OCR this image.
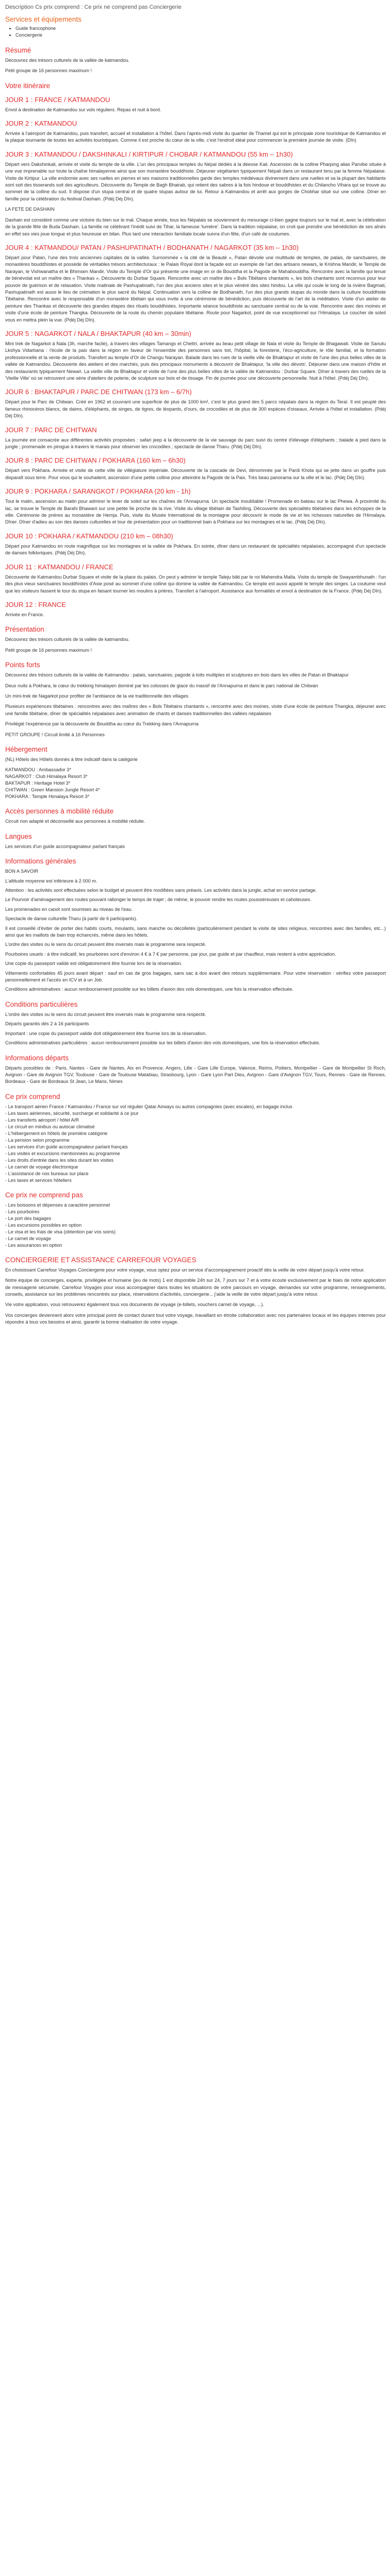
Description Cs prix comprend : Ce prix ne comprend pas Conciergerie
Services et équipements
• Guide francophone
• Conciergerie
Résumé

Découvrez des trésors culturels de la vallée de katmandou.

Petit groupe de 16 personnes maximum !

Votre itinéraire
JOUR 1 : FRANCE / KATMANDOU

Envol à destination de Katmandou sur vols réguliers. Repas et nuit à bord.

JOUR 2 : KATMANDOU

Arrivée à l'aéroport de Katmandou, puis transfert, accueil et installation à l'hôtel. Dans l'après-midi visite du quartier de Thamel qui est le principale zone touristique de Katmandou et la plaque tournante de toutes les activités touristiques. Comme il est proche du cœur de la ville, c'est l'endroit idéal pour commencer la première journée de visite. (Dîn)

JOUR 3 : KATMANDOU / DAKSHINKALI / KIRTIPUR / CHOBAR / KATMANDOU (55 km – 1h30)

Départ vers Dakshinkali, arrivée et visite du temple de la ville. L'un des principaux temples du Népal dédiés à la déesse Kali. Ascension de la colline Pharping alias Parvibe située à une vue imprenable sur toute la chaîne himalayenne ainsi que son monastère bouddhiste. Déjeuner végétarien typiquement Népali dans un restaurant tenu par la femme Népalaise. Visite de Kirtipur. La ville endormie avec ses ruelles en pierres et ses maisons traditionnelles garde des temples médiévaux divinement dans une ruelles et sa la plupart des habitants sont soit des tisserands soit des agriculteurs. Découverte du Temple de Bagh Bhairab, qui retient des sabres à la fois hindoue et bouddhistes et du Chilancho Vihara qui se trouve au sommet de la colline du sud. Il dispose d'un stupa central et de quatre stupas autour de lui. Retour à Katmandou et arrêt aux gorges de Chobhar situé sur une colline. Dîner en famille pour la célébration du festival Dashain. (Pdéj Déj Dîn).

LA FETE DE DASHAIN

Dashain est considéré comme une victoire du bien sur le mal. Chaque année, tous les Népalais se souviennent du mesurage ci-bien gagne toujours sur le mal et, avec la célébration de la grande fête de Buda Dashain. La famille ne célébrant l'inédit suivi de Tihar, la fameuse 'lumière'. Dans la tradition népalaise, on croit que prendre une bénédiction de ses aînés en effet ses vies joue longue et plus heureuse en bilan. Plus tard une interaction familiale locale suivra d'un fête, d'un café de coutumes.

JOUR 4 : KATMANDOU/ PATAN / PASHUPATINATH / BODHANATH / NAGARKOT (35 km – 1h30)

Départ pour Patan, l'une des trois anciennes capitales de la vallée. Surnommée « la cité de la Beauté », Patan dévoile une multitude de temples, de palais, de sanctuaires, de monastères bouddhistes et possède de véritables trésors architecturaux : le Palais Royal dont la façade est un exemple de l'art des artisans newars, le Krishna Mandir, le Temple de Narayan, le Vishwanatha et le Bhimsen Mandir. Visite du Temple d'Or qui présente une image en or de Bouddha et la Pagode de Mahabouddha. Rencontre avec la famille qui tenue de bénévolat est un maître des « Thankas ». Découverte du Durbar Square. Rencontre avec un maître des « Bols Tibétains chantants », les bols chantants sont reconnus pour leur pouvoir de guérison et de relaxation. Visite matinale de Pashupatinath, l'un des plus anciens sites et le plus vénéré des sites hindou. La ville qui coule le long de la rivière Bagmati, Pashupatinath est aussi le lieu de crémation le plus sacré du Népal. Continuation vers la colline de Bodhanath, l'un des plus grands stupas du monde dans la culture bouddhiste Tibétaine. Rencontre avec le responsable d'un monastère tibétain qui vous invite à une cérémonie de bénédiction, puis découverte de l'art de la méditation. Visite d'un atelier de peinture des Thankas et découverte des grandes étapes des rituels bouddhistes. Importante séance bouddhiste au sanctuaire central ou de la voie. Rencontre avec des moines et visite d'une école de peinture Thangka. Découverte de la route du chemin populaire tibétaine. Route pour Nagarkot, point de vue exceptionnel sur l'Himalaya. Le coucher de soleil vous en mettra plein la vue. (Pdéj Déj Dîn).

JOUR 5 : NAGARKOT / NALA / BHAKTAPUR (40 km – 30min)

Mini trek de Nagarkot à Nala (3h, marche facile), à travers des villages Tamangs et Chettri, arrivée au beau petit village de Nala et visite du Temple de Bhagawati. Visite de Sanutu Lkshya Vidarbana : l'école de la paix dans la région en faveur de l'ensemble des personnes sans toit, l'hôpital, la foresterie, l'éco-agriculture, le rôle familial, et la formation professionnelle et la vente de produits. Transfert au temple d'Or de Changu Narayan. Balade dans les rues de la vieille ville de Bhaktapur et visite de l'une des plus belles villes de la vallée de Katmandou. Découverte des ateliers et des marchés, puis des principaux monuments à découvrir de Bhaktapur, 'la ville des dévots'. Déjeuner dans une maison d'hôte et des restaurants typiquement Newari. La vieille ville de Bhaktapur et visite de l'une des plus belles villes de la vallée de Katmandou : Durbar Square. Dîner à travers des ruelles de la 'Vieille Ville' où se retrouvent une série d'ateliers de poterie, de sculpture sur bois et de tissage. Fin de journée pour une découverte personnelle. Nuit à l'hôtel. (Pdéj Déj Dîn).

JOUR 6 : BHAKTAPUR / PARC DE CHITWAN (173 km – 6/7h)

Départ pour le Parc de Chitwan. Créé en 1962 et couvrant une superficie de plus de 1000 km², c'est le plus grand des 5 parcs népalais dans la région du Teraï. Il est peuplé des fameux rhinocéros blancs, de daims, d'éléphants, de singes, de tigres, de léopards, d'ours, de crocodiles et de plus de 300 espèces d'oiseaux. Arrivée à l'hôtel et installation. (Pdéj Déj Dîn).

JOUR 7 : PARC DE CHITWAN

La journée est consacrée aux différentes activités proposées : safari jeep à la découverte de la vie sauvage du parc suivi du centre d'élevage d'éléphants ; balade à pied dans la jungle ; promenade en pirogue à travers le marais pour observer les crocodiles ; spectacle de danse Tharu. (Pdéj Déj Dîn).

JOUR 8 : PARC DE CHITWAN / POKHARA (160 km – 6h30)

Départ vers Pokhara. Arrivée et visite de cette ville de villégiature impériale. Découverte de la cascade de Devi, dénommée par le Pardi Khola qui se jette dans un gouffre puis disparaît sous terre. Pour vous qui le souhaitent, ascension d'une petite colline pour atteindre la Pagode de la Paix. Très beau panorama sur la ville et le lac. (Pdéj Déj Dîn).

JOUR 9 : POKHARA / SARANGKOT / POKHARA (20 km - 1h)

Tout le matin, ascension au matin pour admirer le lever de soleil sur les chaînes de l'Annapurna. Un spectacle inoubliable ! Promenade en bateau sur le lac Phewa. À proximité du lac, se trouve le Temple de Barahi Bhawani sur une petite île proche de la rive. Visite du village tibétain de Tashiling. Découverte des spécialités tibétaines dans les échoppes de la ville. Cérémonie de prières au monastère de Hemja. Puis, visite du Musée International de la montagne pour découvrir le mode de vie et les richesses naturelles de l'Himalaya. Dîner. Dîner d'adieu au son des danses culturelles et tour de présentation pour un traditionnel bain à Pokhara sur les montagnes et le lac. (Pdéj Déj Dîn).

JOUR 10 : POKHARA / KATMANDOU (210 km – 08h30)

Départ pour Katmandou en route magnifique sur les montagnes et la vallée de Pokhara. En soirée, dîner dans un restaurant de spécialités népalaises, accompagné d'un spectacle de danses folkloriques. (Pdéj Déj Dîn).

JOUR 11 : KATMANDOU / FRANCE

Découverte de Katmandou Durbar Square et visite de la place du palais. On peut y admirer le temple Taleju bâti par le roi Mahendra Malla. Visite du temple de Swayambhunath : l'un des plus vieux sanctuaires bouddhistes d'Asie posé au sommet d'une colline qui domine la vallée de Katmandou. Ce temple est aussi appelé le temple des singes. La coutume veut que les visiteurs fassent le tour du stupa en faisant tourner les moulins à prières. Transfert à l'aéroport. Assistance aux formalités et envol à destination de la France. (Pdéj Déj Dîn).

JOUR 12 : FRANCE

Arrivée en France.

Présentation

Découvrez des trésors culturels de la vallée de katmandou.

Petit groupe de 16 personnes maximum !

Points forts

Découvrez des trésors culturels de la vallée de Katmandou : palais, sanctuaires, pagode à toits multiples et sculptures en bois dans les villes de Patan et Bhaktapur

Deux nuits à Pokhara, le cœur du trekking himalayen dominé par les colosses de glace du massif de l'Annapurna et dans le parc national de Chitwan

Un mini-trek de Nagarkot pour profiter de l'ambiance de la vie traditionnelle des villages

Plusieurs expériences tibétaines : rencontres avec des maîtres des « Bols Tibétains chantants », rencontre avec des moines, visite d'une école de peinture Thangka, déjeuner avec une famille tibétaine, dîner de spécialités népalaises avec animation de chants et danses traditionnelles des vallées népalaises

Privilégié l'expérience par la découverte de Bouddha au cœur du Trekking dans l'Annapurna

PETIT GROUPE ! Circuit limité à 16 Personnes

Hébergement

(NL) Hôtels des Hôtels donnés à titre indicatif dans la catégorie

KATMANDOU : Ambassador 3*

NAGARKOT : Club Himalaya Resort 3*

BAKTAPUR : Heritage Hotel 3*

CHITWAN : Green Mansion Jungle Resort 4*

POKHARA : Temple Himalaya Resort 3*

Accès personnes à mobilité réduite

Circuit non adapté et déconseillé aux personnes à mobilité réduite.

Langues

Les services d'un guide accompagnateur parlant français

Informations générales

BON A SAVOIR

L'altitude moyenne est inférieure à 2 000 m.

Attention : les activités sont effectuées selon le budget et peuvent être modifiées sans préavis. Les activités dans la jungle, achat en service partage.

Le Pourvoir d'aménagement des routes pouvant rallonger le temps de trajet ; de même, le pouvoir rendre les routes poussiéreuses et cahoteuses.

Les promenades en canot sont soumises au niveau de l'eau.

Spectacle de danse culturelle Tharu (à partir de 6 participants).

Il est conseillé d'éviter de porter des habits courts, moulants, sans manche ou décolletés (particulièrement pendant la visite de sites religieux, rencontres avec des familles, etc...) ainsi que les maillots de bain trop échancrés, même dans les hôtels.

L'ordre des visites ou le sens du circuit peuvent être inversés mais le programme sera respecté.

Pourboires usuels : à titre indicatif, les pourboires sont d'environ 4 € à 7 € par personne, par jour, par guide et par chauffeur, mais restent à votre appréciation.

Une copie du passeport valide est obligatoirement être fournie lors de la réservation.

Vêtements confortables 45 jours avant départ : sauf en cas de gros bagages, sans sac à dos avant des retours supplémentaire. Pour votre réservation : vérifiez votre passeport personnellement et l'accès en ICV et à un Job.

Conditions administratives : aucun remboursement possible sur les billets d'avion des vols domestiques, une fois la réservation effectuée.

Conditions particulières

L'ordre des visites ou le sens du circuit peuvent être inversés mais le programme sera respecté.

Départs garantis dès 2 à 16 participants

Important : une copie du passeport valide doit obligatoirement être fournie lors de la réservation.

Conditions administratives particulières : aucun remboursement possible sur les billets d'avion des vols domestiques, une fois la réservation effectuée.

Informations départs

Départs possibles de : Paris, Nantes - Gare de Nantes, Aix en Provence, Angers, Lille - Gare Lille Europe, Valence, Reims, Poitiers, Montpellier - Gare de Montpellier St Roch, Avignon - Gare de Avignon TGV, Toulouse - Gare de Toulouse Matabiau, Strasbourg, Lyon - Gare Lyon Part Dieu, Avignon - Gare d'Avignon TGV, Tours, Rennes - Gare de Rennes, Bordeaux - Gare de Bordeaux St Jean, Le Mans, Nimes

Ce prix comprend

- Le transport aérien France / Katmandou / France sur vol régulier Qatar Airways ou autres compagnies (avec escales), en bagage inclus

- Les taxes aériennes, sécurité, surcharge et solidarité à ce jour

- Les transferts aéroport / hôtel A/R

- Le circuit en minibus ou autocar climatisé

- L'hébergement en hôtels de première catégorie

- La pension selon programme

- Les services d'un guide accompagnateur parlant français

- Les visites et excursions mentionnées au programme

- Les droits d'entrée dans les sites durant les visites

- Le carnet de voyage électronique

- L'assistance de nos bureaux sur place

- Les taxes et services hôteliers

Ce prix ne comprend pas

- Les boissons et dépenses à caractère personnel

- Les pourboires

- Le port des bagages

- Les excursions possibles en option

- Le visa et les frais de visa (obtention par vos soins)

- Le carnet de voyage

- Les assurances en option

CONCIERGERIE ET ASSISTANCE CARREFOUR VOYAGES

En choisissant Carrefour Voyages Conciergerie pour votre voyage, vous optez pour un service d'accompagnement proactif dès la veille de votre départ jusqu'à votre retour.

Notre équipe de concierges, experte, privilégiée et humaine (jeu de mots) 1 est disponible 24h sur 24, 7 jours sur 7 et à votre écoute exclusivement par le biais de notre application de messagerie sécurisée. Carrefour Voyages pour vous accompagner dans toutes les situations de votre parcours en voyage, demandes sur votre programme, renseignements, conseils, assistance sur les problèmes rencontrés sur place, réservations d'activités, conciergerie... j'aide la veille de votre départ jusqu'à votre retour.

Vie votre application, vous retrouverez également tous vos documents de voyage (e-billets, vouchers carnet de voyage, ...).

Vos concierges deviennent alors votre principal point de contact durant tout votre voyage, travaillant en étroite collaboration avec nos partenaires locaux et les équipes internes pour répondre à tous vos besoins et ainsi, garantir la bonne réalisation de votre voyage.
